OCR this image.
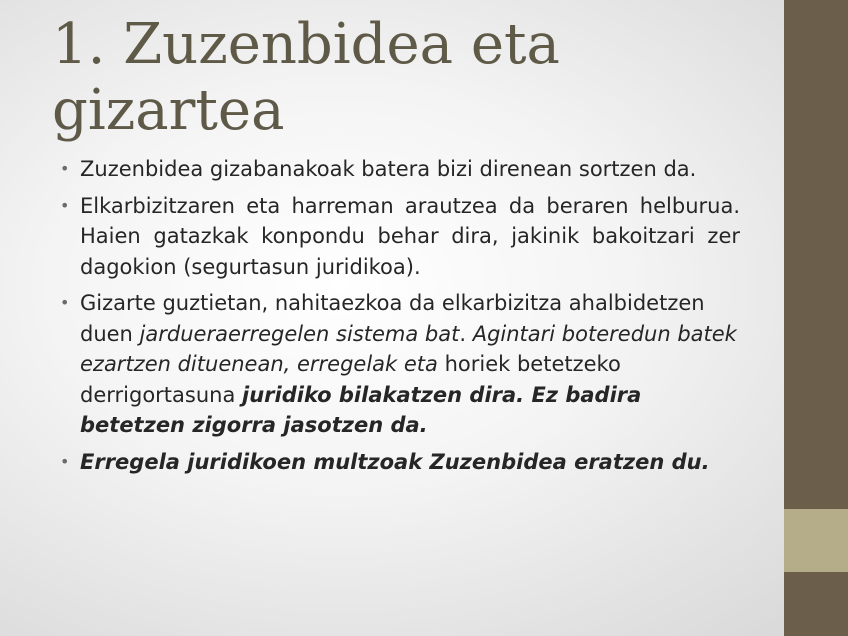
1. Zuzenbidea eta gizartea
• Zuzenbidea gizabanakoak batera bizi direnean sortzen da.
• Elkarbizitzaren eta harreman arautzea da beraren helburua. Haien gatazkak konpondu behar dira, jakinik bakoitzari zer dagokion (segurtasun juridikoa).
• Gizarte guztietan, nahitaezkoa da elkarbizitza ahalbidetzen duen jardueraerregelen sistema bat. Agintari boteredun batek ezartzen dituenean, erregelak eta horiek betetzeko derrigortasuna juridiko bilakatzen dira. Ez badira betetzen zigorra jasotzen da.
• Erregela juridikoen multzoak Zuzenbidea eratzen du.
